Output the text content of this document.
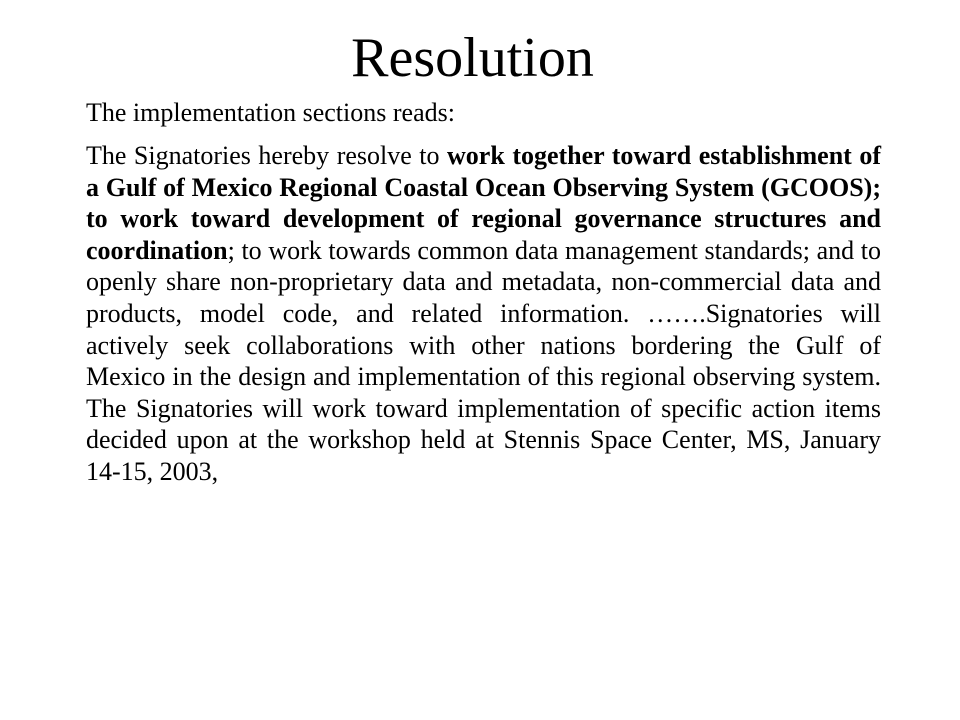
Resolution

The implementation sections reads:

The Signatories hereby resolve to work together toward establishment of a Gulf of Mexico Regional Coastal Ocean Observing System (GCOOS); to work toward development of regional governance structures and coordination; to work towards common data management standards; and to openly share non-proprietary data and metadata, non-commercial data and products, model code, and related information. …….Signatories will actively seek collaborations with other nations bordering the Gulf of Mexico in the design and implementation of this regional observing system. The Signatories will work toward implementation of specific action items decided upon at the workshop held at Stennis Space Center, MS, January 14-15, 2003,
